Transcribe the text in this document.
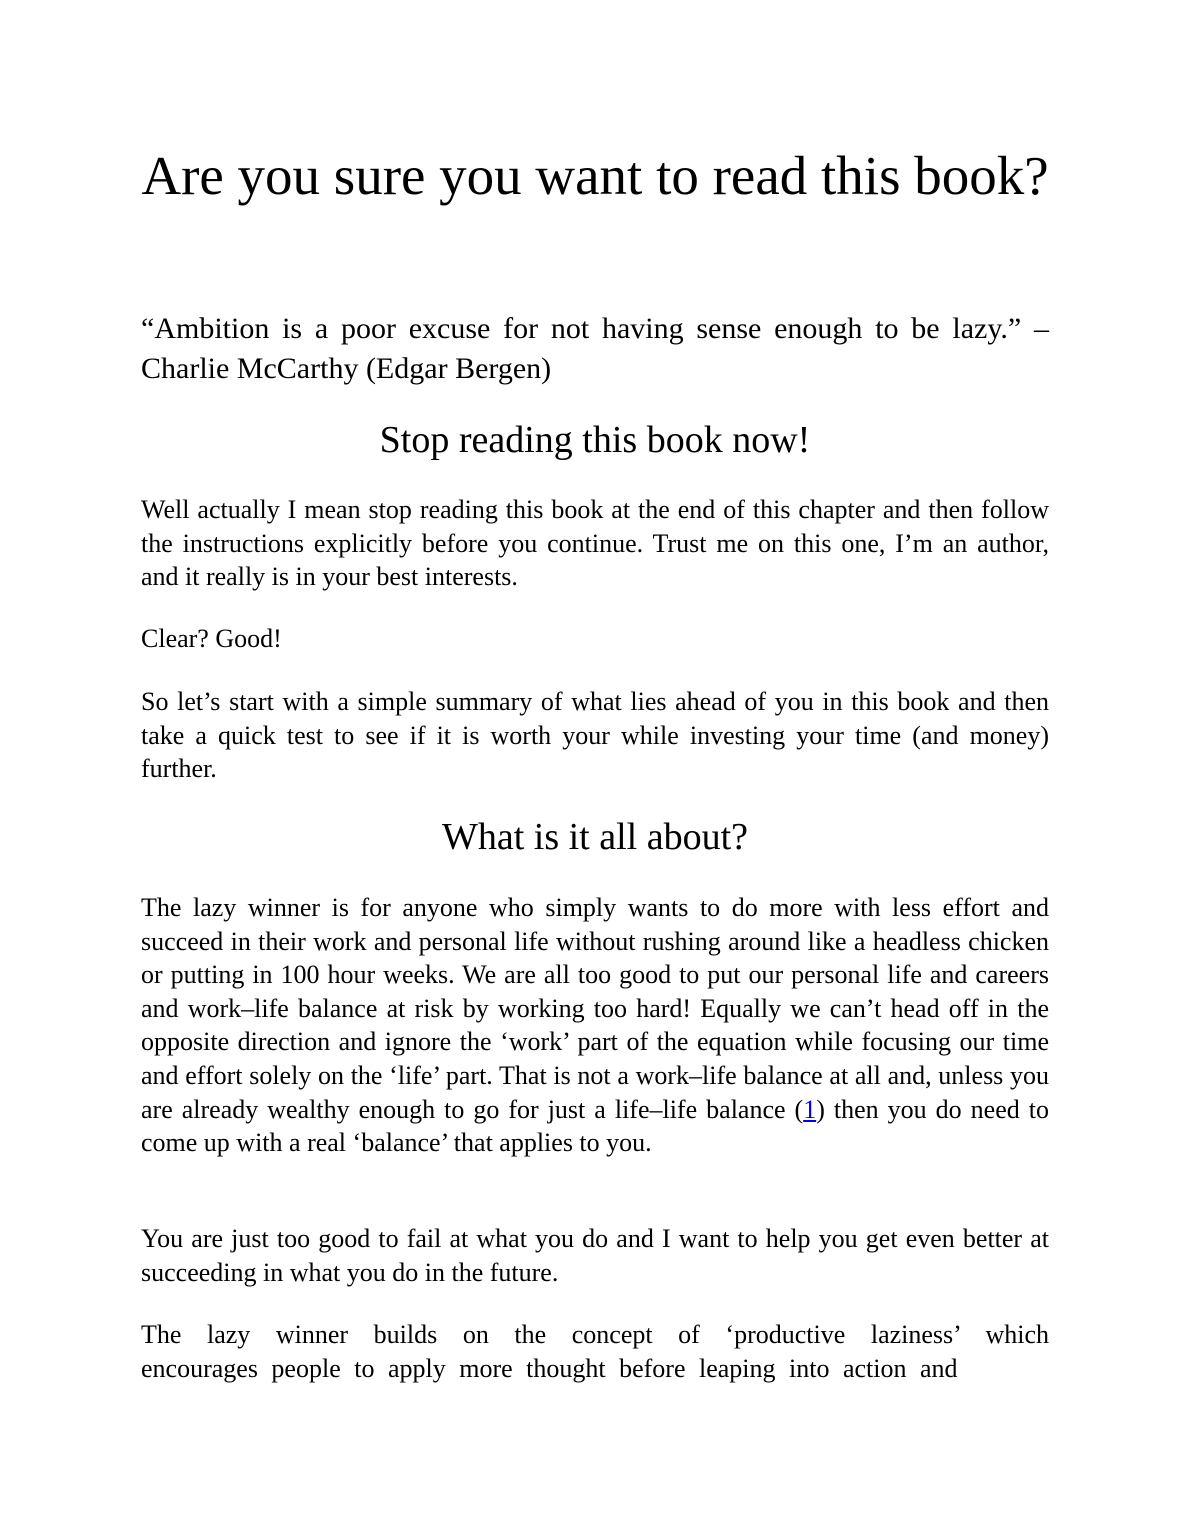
Are you sure you want to read this book?

“Ambition is a poor excuse for not having sense enough to be lazy.” – Charlie McCarthy (Edgar Bergen)

Stop reading this book now!

Well actually I mean stop reading this book at the end of this chapter and then follow the instructions explicitly before you continue. Trust me on this one, I’m an author, and it really is in your best interests.

Clear? Good!

So let’s start with a simple summary of what lies ahead of you in this book and then take a quick test to see if it is worth your while investing your time (and money) further.

What is it all about?

The lazy winner is for anyone who simply wants to do more with less effort and succeed in their work and personal life without rushing around like a headless chicken or putting in 100 hour weeks. We are all too good to put our personal life and careers and work–life balance at risk by working too hard! Equally we can’t head off in the opposite direction and ignore the ‘work’ part of the equation while focusing our time and effort solely on the ‘life’ part. That is not a work–life balance at all and, unless you are already wealthy enough to go for just a life–life balance (1) then you do need to come up with a real ‘balance’ that applies to you.

You are just too good to fail at what you do and I want to help you get even better at succeeding in what you do in the future.

The lazy winner builds on the concept of ‘productive laziness’ which encourages people to apply more thought before leaping into action and
